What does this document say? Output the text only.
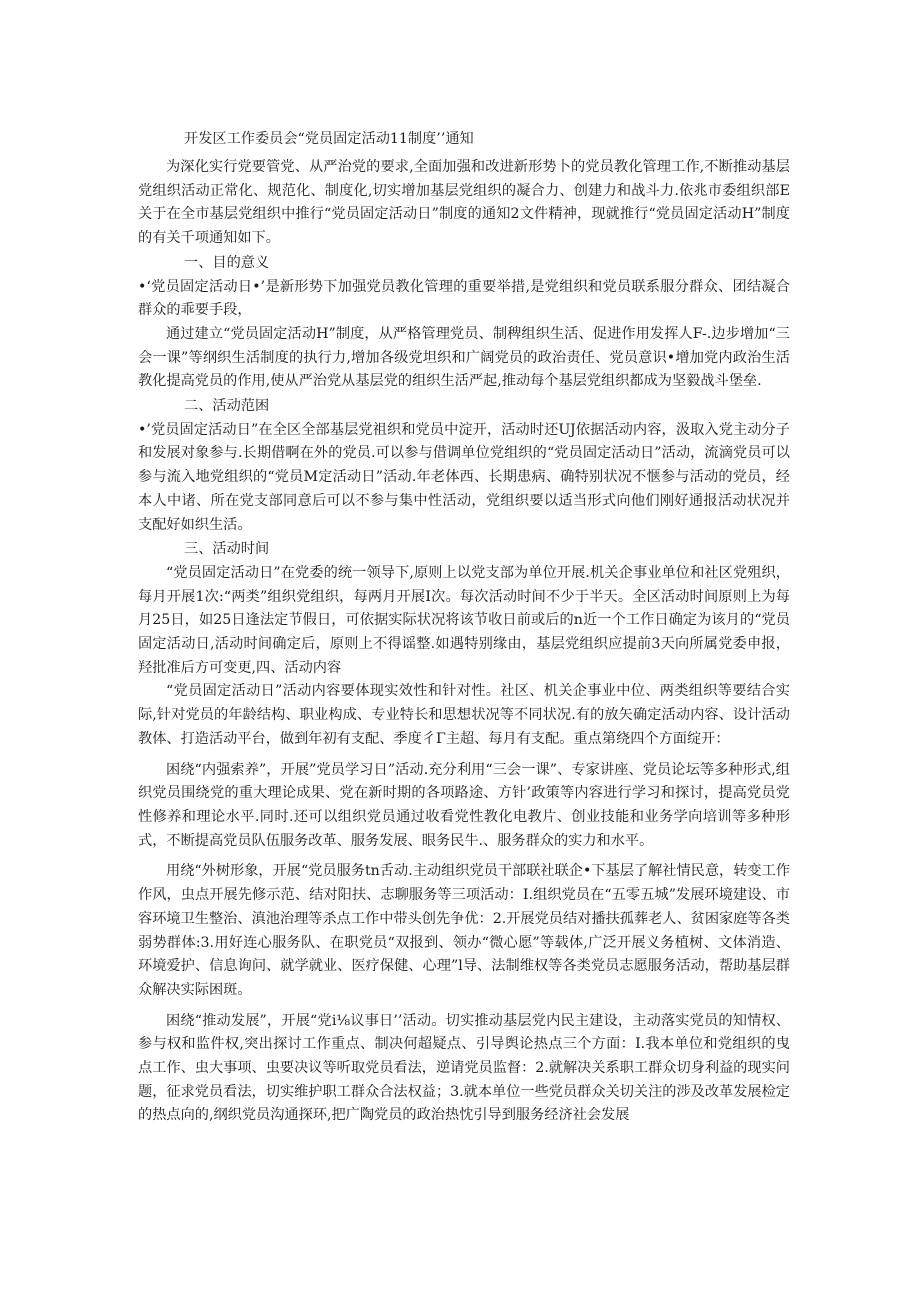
开发区工作委员会“党员固定活动11制度’’通知

为深化实行党要管党、从严治党的要求,全面加强和改进新形势卜的党员教化管理工作,不断推动基层党组织活动正常化、规范化、制度化,切实增加基层党组织的凝合力、创建力和战斗力.依兆市委组织部E关于在全市基层党组织中推行“党员固定活动日”制度的通知2文件精神，现就推行“党员固定活动H”制度的有关千项通知如下。

一、目的意义

•‘党员固定活动日•’是新形势下加强党员教化管理的重要举措,是党组织和党员联系服分群众、团结凝合群众的乖要手段，

通过建立“党员固定活动H”制度，从严格管理党员、制稗组织生活、促进作用发挥人F-.边步增加“三会一课”等纲织生活制度的执行力,增加各级党坦织和广阔党员的政治责任、党员意识•增加党内政治生活教化提高党员的作用,使从严治党从基层党的组织生活严起,推动每个基层党组织都成为坚毅战斗堡垒.

二、活动范困

•’党员固定活动日”在全区全部基层党祖织和党员中淀开，活动时还UJ依据活动内容，汲取入党主动分子和发展对象参与.长期借啊在外的党员.可以参与借调单位党组织的“党员固定活动日”活动，流滴党员可以参与流入地党组织的“党员M定活动日”活动.年老体西、长期患病、确特别状况不惬参与活动的党员，经本人中诸、所在党支部同意后可以不参与集中性活动，党组织要以适当形式向他们刚好通报活动状况并支配好如织生活。

三、活动时间

“党员固定活动日”在党委的统一领导下,原则上以党支部为单位开展.机关企事业单位和社区党殂织，每月开展1次:“两类”组织党组织，每两月开展I次。每次活动时间不少于半天。全区活动时间原则上为每月25日，如25日逢法定节假日，可依据实际状况将该节收日前或后的n近一个工作日确定为该月的“党员固定活动日,活动时间确定后，原则上不得谣整.如遇特别缘由，基层党组织应提前3天向所属党委申报，羟批准后方可变更,四、活动内容

“党员固定活动日”活动内容要体现实效性和针对性。社区、机关企事业中位、两类组织等要结合实际,针对党员的年龄结构、职业构成、专业特长和思想状况等不同状况.有的放矢确定活动内容、设计活动教体、打造活动平台，做到年初有支配、季度彳Γ主超、每月有支配。重点第绕四个方面绽开：

困绕“内强索养”，开展”党员学习日”活动.充分利用“三会一课”、专家讲座、党员论坛等多种形式,组织党员围绕党的重大理论成果、党在新时期的各项路途、方针’政策等内容进行学习和探讨，提高党员党性修养和理论水平.同时.还可以组织党员通过收看党性教化电教片、创业技能和业务学向培训等多种形式，不断提高党员队伍服务改革、服务发展、眼务民牛.、服务群众的实力和水平。

用绕“外树形象，开展“党员服务tn舌动.主动组织党员干部联社联企•下基层了解社情民意，转变工作作风，虫点开展先修示范、结对阳扶、志聊服务等三项活动：I.组织党员在“五零五城”发展环境建设、市容环境卫生整治、滇池治理等杀点工作中带头创先争优：2.开展党员结对播扶孤葬老人、贫困家庭等各类弱势群体:3.用好连心服务队、在职党员“双报到、领办“微心愿”等载体,广泛开展义务植树、文体消造、环境爱护、信息询问、就学就业、医疗保健、心理”l导、法制维权等各类党员志愿服务活动，帮助基层群众解决实际困斑。

困绕“推动发展”，开展“党i⅛议事日’’活动。切实推动基层党内民主建设，主动落实党员的知情权、参与权和监件权,突出探讨工作重点、制决何超疑点、引导舆论热点三个方面：I.我本单位和党组织的曳点工作、虫大事项、虫要决议等听取党员看法，逆请党员监督：2.就解决关系职工群众切身利益的现实问题，征求党员看法，切实维护职工群众合法权益；3.就本单位一些党员群众关切关注的涉及改革发展检定的热点向的,纲织党员沟通探环,把广陶党员的政治热忱引导到服务经济社会发展
